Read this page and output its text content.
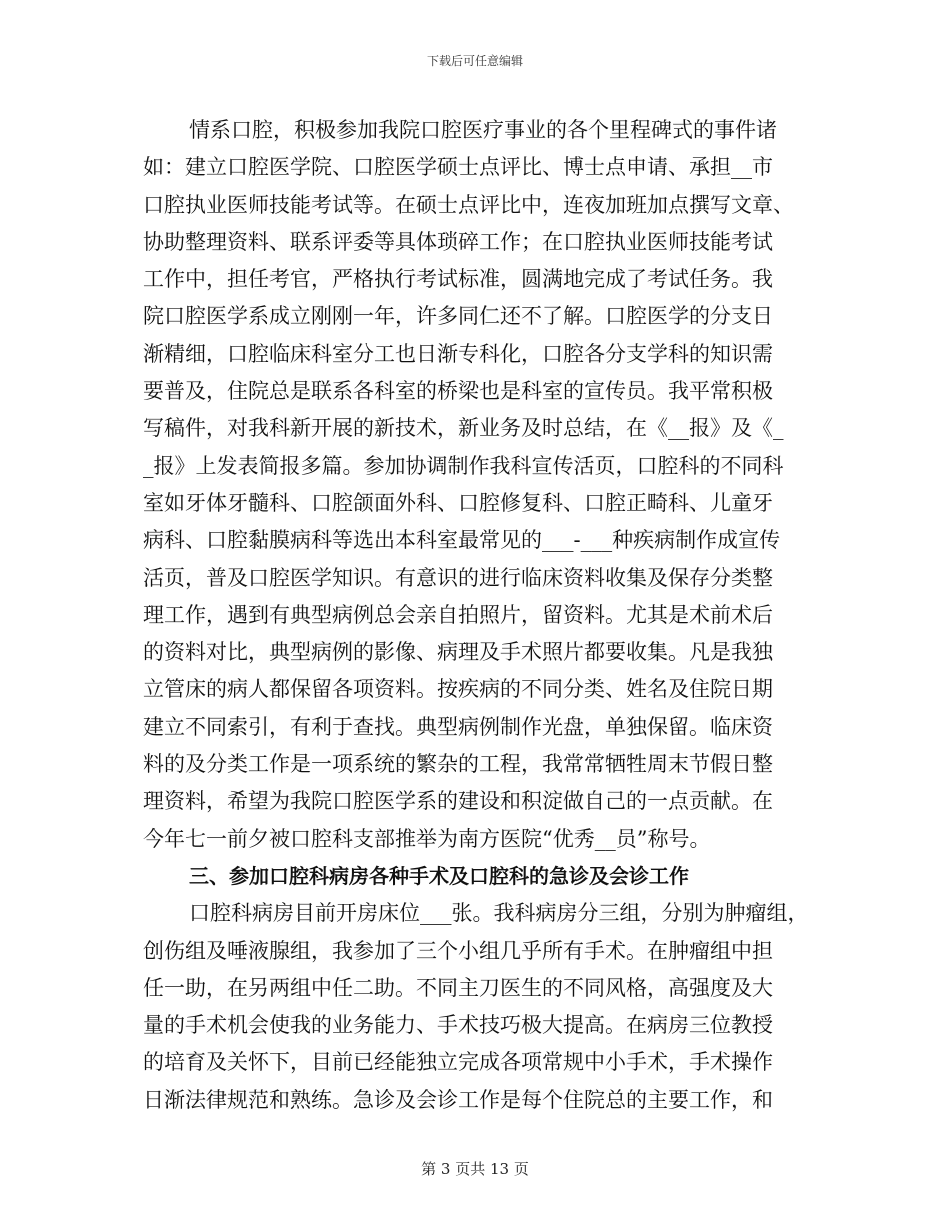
下载后可任意编辑
情系口腔，积极参加我院口腔医疗事业的各个里程碑式的事件诸
如：建立口腔医学院、口腔医学硕士点评比、博士点申请、承担__市
口腔执业医师技能考试等。在硕士点评比中，连夜加班加点撰写文章、
协助整理资料、联系评委等具体琐碎工作；在口腔执业医师技能考试
工作中，担任考官，严格执行考试标准，圆满地完成了考试任务。我
院口腔医学系成立刚刚一年，许多同仁还不了解。口腔医学的分支日
渐精细，口腔临床科室分工也日渐专科化，口腔各分支学科的知识需
要普及，住院总是联系各科室的桥梁也是科室的宣传员。我平常积极
写稿件，对我科新开展的新技术，新业务及时总结，在《__报》及《_
_报》上发表简报多篇。参加协调制作我科宣传活页，口腔科的不同科
室如牙体牙髓科、口腔颌面外科、口腔修复科、口腔正畸科、儿童牙
病科、口腔黏膜病科等选出本科室最常见的___-___种疾病制作成宣传
活页，普及口腔医学知识。有意识的进行临床资料收集及保存分类整
理工作，遇到有典型病例总会亲自拍照片，留资料。尤其是术前术后
的资料对比，典型病例的影像、病理及手术照片都要收集。凡是我独
立管床的病人都保留各项资料。按疾病的不同分类、姓名及住院日期
建立不同索引，有利于查找。典型病例制作光盘，单独保留。临床资
料的及分类工作是一项系统的繁杂的工程，我常常牺牲周末节假日整
理资料，希望为我院口腔医学系的建设和积淀做自己的一点贡献。在
今年七一前夕被口腔科支部推举为南方医院“优秀__员”称号。
三、参加口腔科病房各种手术及口腔科的急诊及会诊工作
口腔科病房目前开房床位___张。我科病房分三组，分别为肿瘤组，
创伤组及唾液腺组，我参加了三个小组几乎所有手术。在肿瘤组中担
任一助，在另两组中任二助。不同主刀医生的不同风格，高强度及大
量的手术机会使我的业务能力、手术技巧极大提高。在病房三位教授
的培育及关怀下，目前已经能独立完成各项常规中小手术，手术操作
日渐法律规范和熟练。急诊及会诊工作是每个住院总的主要工作，和
第 3 页共 13 页
